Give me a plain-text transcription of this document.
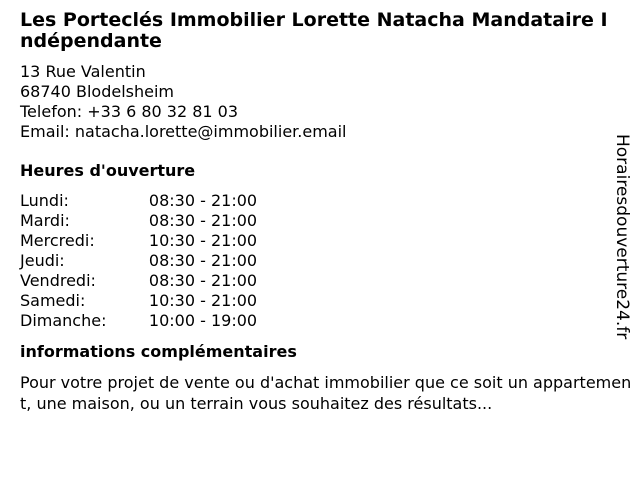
Les Porteclés Immobilier Lorette Natacha Mandataire Indépendante
13 Rue Valentin
68740 Blodelsheim
Telefon: +33 6 80 32 81 03
Email: natacha.lorette@immobilier.email
Heures d'ouverture
Lundi:	08:30 - 21:00
Mardi:	08:30 - 21:00
Mercredi:	10:30 - 21:00
Jeudi:	08:30 - 21:00
Vendredi:	08:30 - 21:00
Samedi:	10:30 - 21:00
Dimanche:	10:00 - 19:00
informations complémentaires
Pour votre projet de vente ou d'achat immobilier que ce soit un appartement, une maison, ou un terrain vous souhaitez des résultats...
Horairesdouverture24.fr
